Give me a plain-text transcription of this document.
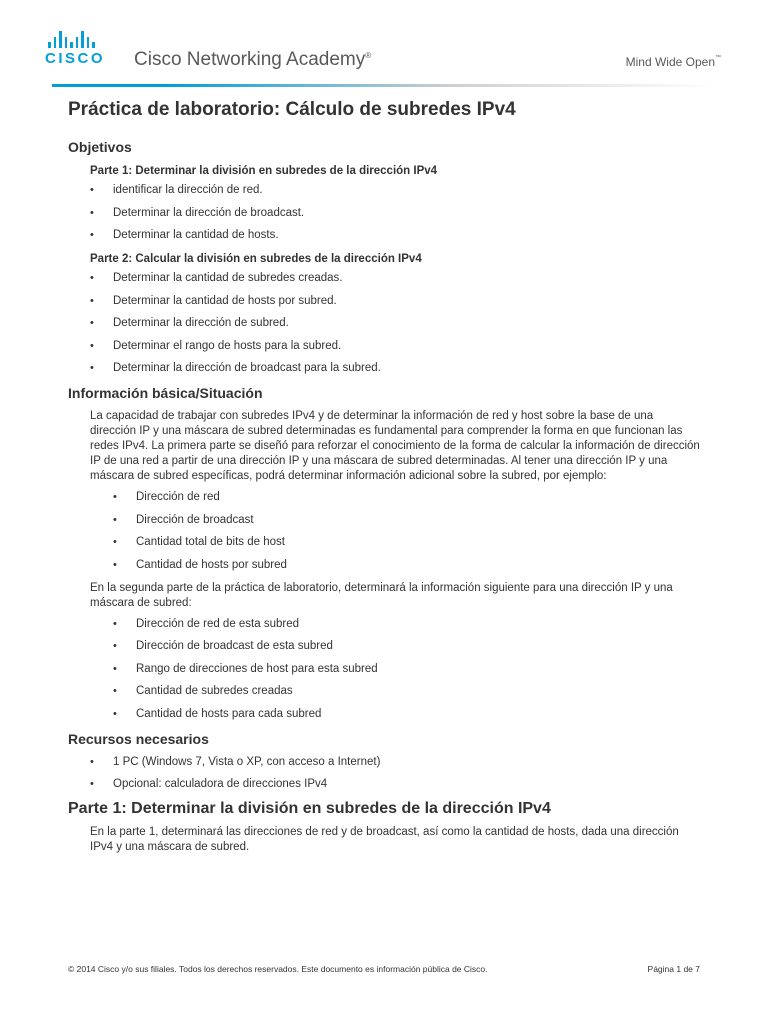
CISCO Cisco Networking Academy®	Mind Wide Open™
Práctica de laboratorio: Cálculo de subredes IPv4
Objetivos
Parte 1: Determinar la división en subredes de la dirección IPv4
• identificar la dirección de red.
• Determinar la dirección de broadcast.
• Determinar la cantidad de hosts.
Parte 2: Calcular la división en subredes de la dirección IPv4
• Determinar la cantidad de subredes creadas.
• Determinar la cantidad de hosts por subred.
• Determinar la dirección de subred.
• Determinar el rango de hosts para la subred.
• Determinar la dirección de broadcast para la subred.
Información básica/Situación

La capacidad de trabajar con subredes IPv4 y de determinar la información de red y host sobre la base de una dirección IP y una máscara de subred determinadas es fundamental para comprender la forma en que funcionan las redes IPv4. La primera parte se diseñó para reforzar el conocimiento de la forma de calcular la información de dirección IP de una red a partir de una dirección IP y una máscara de subred determinadas. Al tener una dirección IP y una máscara de subred específicas, podrá determinar información adicional sobre la subred, por ejemplo:

• Dirección de red
• Dirección de broadcast
• Cantidad total de bits de host
• Cantidad de hosts por subred

En la segunda parte de la práctica de laboratorio, determinará la información siguiente para una dirección IP y una máscara de subred:

• Dirección de red de esta subred
• Dirección de broadcast de esta subred
• Rango de direcciones de host para esta subred
• Cantidad de subredes creadas
• Cantidad de hosts para cada subred
Recursos necesarios
• 1 PC (Windows 7, Vista o XP, con acceso a Internet)
• Opcional: calculadora de direcciones IPv4
Parte 1: Determinar la división en subredes de la dirección IPv4

En la parte 1, determinará las direcciones de red y de broadcast, así como la cantidad de hosts, dada una dirección IPv4 y una máscara de subred.

© 2014 Cisco y/o sus filiales. Todos los derechos reservados. Este documento es información pública de Cisco.	Página 1 de 7
